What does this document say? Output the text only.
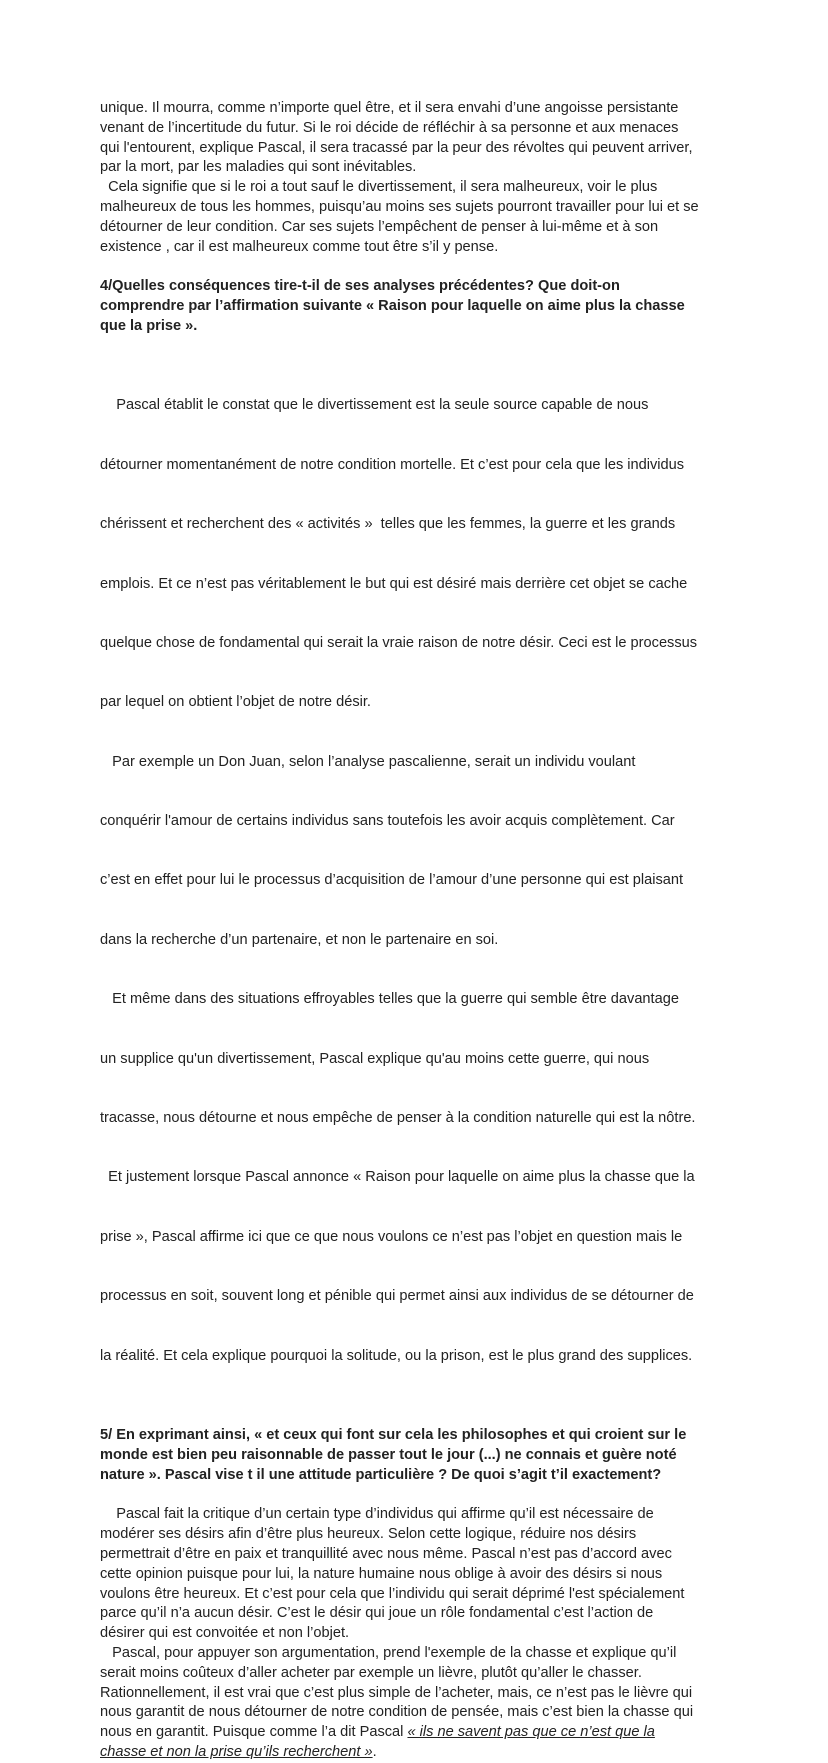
unique. Il mourra, comme n’importe quel être, et il sera envahi d’une angoisse persistante
venant de l’incertitude du futur. Si le roi décide de réfléchir à sa personne et aux menaces
qui l'entourent, explique Pascal, il sera tracassé par la peur des révoltes qui peuvent arriver,
par la mort, par les maladies qui sont inévitables.
Cela signifie que si le roi a tout sauf le divertissement, il sera malheureux, voir le plus
malheureux de tous les hommes, puisqu’au moins ses sujets pourront travailler pour lui et se
détourner de leur condition. Car ses sujets l’empêchent de penser à lui-même et à son
existence , car il est malheureux comme tout être s’il y pense.

4/Quelles conséquences tire-t-il de ses analyses précédentes? Que doit-on
comprendre par l’affirmation suivante « Raison pour laquelle on aime plus la chasse
que la prise ».

Pascal établit le constat que le divertissement est la seule source capable de nous

détourner momentanément de notre condition mortelle. Et c’est pour cela que les individus

chérissent et recherchent des « activités »  telles que les femmes, la guerre et les grands

emplois. Et ce n’est pas véritablement le but qui est désiré mais derrière cet objet se cache

quelque chose de fondamental qui serait la vraie raison de notre désir. Ceci est le processus

par lequel on obtient l’objet de notre désir.

Par exemple un Don Juan, selon l’analyse pascalienne, serait un individu voulant

conquérir l'amour de certains individus sans toutefois les avoir acquis complètement. Car

c’est en effet pour lui le processus d’acquisition de l’amour d’une personne qui est plaisant

dans la recherche d’un partenaire, et non le partenaire en soi.

Et même dans des situations effroyables telles que la guerre qui semble être davantage

un supplice qu'un divertissement, Pascal explique qu'au moins cette guerre, qui nous

tracasse, nous détourne et nous empêche de penser à la condition naturelle qui est la nôtre.

Et justement lorsque Pascal annonce « Raison pour laquelle on aime plus la chasse que la

prise », Pascal affirme ici que ce que nous voulons ce n’est pas l’objet en question mais le

processus en soit, souvent long et pénible qui permet ainsi aux individus de se détourner de

la réalité. Et cela explique pourquoi la solitude, ou la prison, est le plus grand des supplices.

5/ En exprimant ainsi, « et ceux qui font sur cela les philosophes et qui croient sur le
monde est bien peu raisonnable de passer tout le jour (...) ne connais et guère noté
nature ». Pascal vise t il une attitude particulière ? De quoi s’agit t’il exactement?

Pascal fait la critique d’un certain type d’individus qui affirme qu’il est nécessaire de
modérer ses désirs afin d’être plus heureux. Selon cette logique, réduire nos désirs
permettrait d’être en paix et tranquillité avec nous même. Pascal n’est pas d’accord avec
cette opinion puisque pour lui, la nature humaine nous oblige à avoir des désirs si nous
voulons être heureux. Et c’est pour cela que l’individu qui serait déprimé l'est spécialement
parce qu’il n’a aucun désir. C’est le désir qui joue un rôle fondamental c’est l’action de
désirer qui est convoitée et non l’objet.
Pascal, pour appuyer son argumentation, prend l'exemple de la chasse et explique qu’il
serait moins coûteux d’aller acheter par exemple un lièvre, plutôt qu’aller le chasser.
Rationnellement, il est vrai que c’est plus simple de l’acheter, mais, ce n’est pas le lièvre qui
nous garantit de nous détourner de notre condition de pensée, mais c’est bien la chasse qui
nous en garantit. Puisque comme l’a dit Pascal « ils ne savent pas que ce n’est que la
chasse et non la prise qu’ils recherchent ».
